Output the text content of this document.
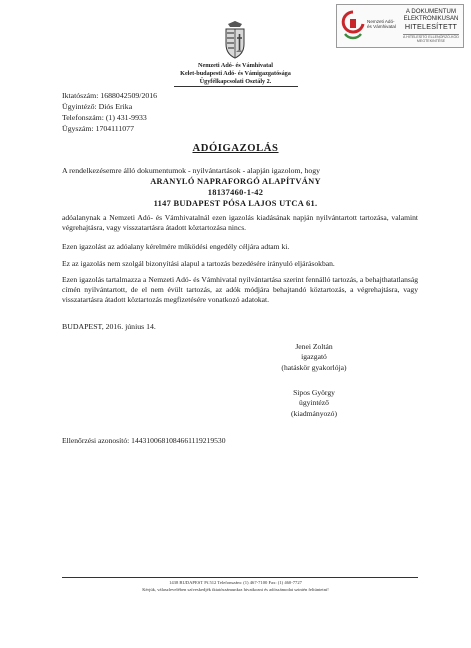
Nemzeti Adó-
és Vámhivatal
A DOKUMENTUM
ELEKTRONIKUSAN
HITELESÍTETT
A HITELESÍTŐ ELLENŐRZŐ-KÓD MEGTEKINTÉSE
Nemzeti Adó- és Vámhivatal
Kelet-budapesti Adó- és Vámigazgatósága
Ügyfélkapcsolati Osztály 2.
Iktatószám: 1688042509/2016
Ügyintéző: Diós Erika
Telefonszám: (1) 431-9933
Ügyszám: 1704111077
ADÓIGAZOLÁS
A rendelkezésemre álló dokumentumok - nyilvántartások - alapján igazolom, hogy
ARANYLÓ NAPRAFORGÓ ALAPÍTVÁNY
18137460-1-42
1147 BUDAPEST PÓSA LAJOS UTCA 61.
adóalanynak a Nemzeti Adó- és Vámhivatalnál ezen igazolás kiadásának napján nyilvántartott tartozása, valamint végrehajtásra, vagy visszatartásra átadott köztartozása nincs.
Ezen igazolást az adóalany kérelmére működési engedély céljára adtam ki.
Ez az igazolás nem szolgál bizonyítási alapul a tartozás bezedésére irányuló eljárásokban.
Ezen igazolás tartalmazza a Nemzeti Adó- és Vámhivatal nyilvántartása szerint fennálló tartozás, a behajthatatlanság címén nyilvántartott, de el nem évült tartozás, az adók módjára behajtandó köztartozás, a végrehajtásra, vagy visszatartásra átadott köztartozás megfizetésére vonatkozó adatokat.
BUDAPEST, 2016. június 14.
Jenei Zoltán
igazgató
(hatáskör gyakorlója)
Sipos György
ügyintéző
(kiadmányozó)
Ellenőrzési azonosító: 1443100681084661119219530
1438 BUDAPEST Pf.512 Telefonszám: (1) 467-7100 Fax: (1) 460-7727
Kérjük, válaszlevelében szíveskedjék iktatószámunkra hivatkozni és adószámodat szintén feltüntetni!
